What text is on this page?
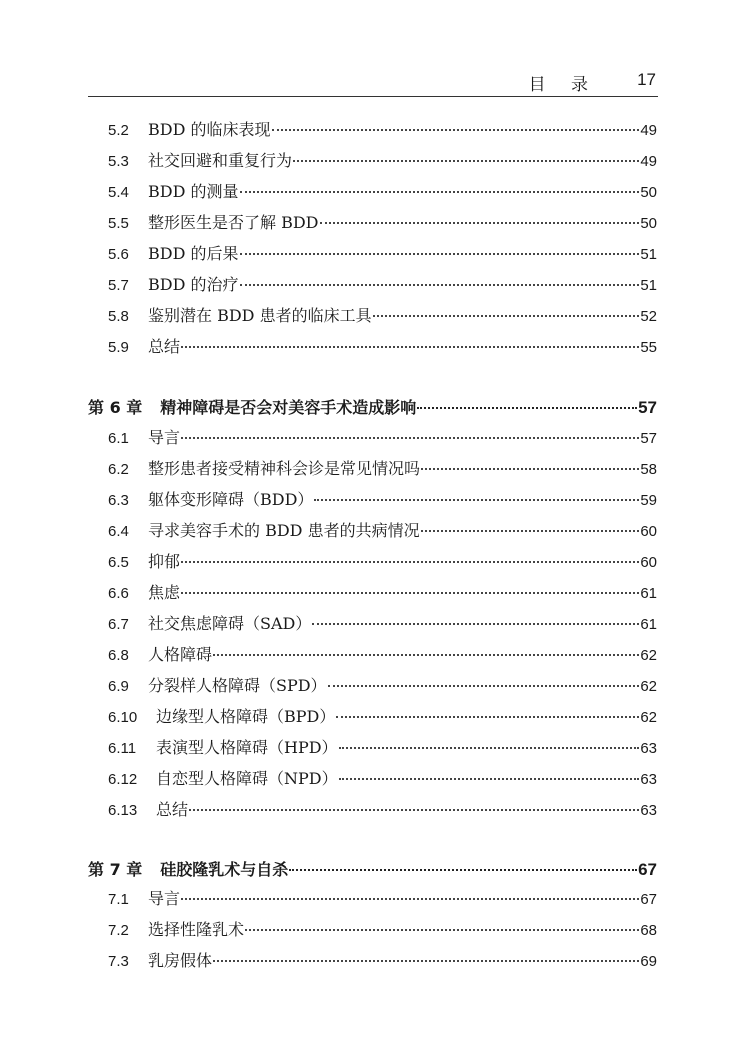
目 录 17
5.2 BDD 的临床表现	49
5.3 社交回避和重复行为	49
5.4 BDD 的测量	50
5.5 整形医生是否了解 BDD	50
5.6 BDD 的后果	51
5.7 BDD 的治疗	51
5.8 鉴别潜在 BDD 患者的临床工具	52
5.9 总结	55
第 6 章 精神障碍是否会对美容手术造成影响	57
6.1 导言	57
6.2 整形患者接受精神科会诊是常见情况吗	58
6.3 躯体变形障碍（BDD）	59
6.4 寻求美容手术的 BDD 患者的共病情况	60
6.5 抑郁	60
6.6 焦虑	61
6.7 社交焦虑障碍（SAD）	61
6.8 人格障碍	62
6.9 分裂样人格障碍（SPD）	62
6.10 边缘型人格障碍（BPD）	62
6.11 表演型人格障碍（HPD）	63
6.12 自恋型人格障碍（NPD）	63
6.13 总结	63
第 7 章 硅胶隆乳术与自杀	67
7.1 导言	67
7.2 选择性隆乳术	68
7.3 乳房假体	69
